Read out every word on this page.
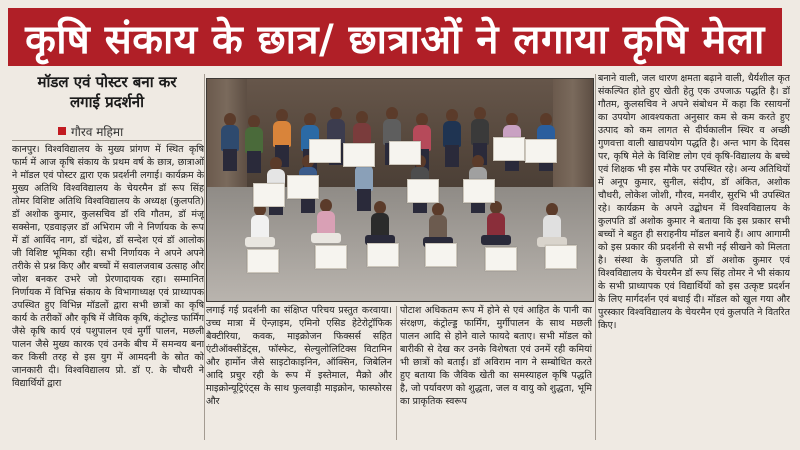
कृषि संकाय के छात्र/ छात्राओं ने लगाया कृषि मेला
मॉडल एवं पोस्टर बना कर
लगाई प्रदर्शनी
गौरव महिमा

कानपुर। विश्वविद्यालय के मुख्य प्रांगण में स्थित कृषि फार्म में आज कृषि संकाय के प्रथम वर्ष के छात्र, छात्राओं ने मॉडल एवं पोस्टर द्वारा एक प्रदर्शनी लगाई। कार्यक्रम के मुख्य अतिथि विश्वविद्यालय के चेयरमैन डॉ रूप सिंह तोमर विशिष्ट अतिथि विश्वविद्यालय के अध्यक्ष (कुलपति) डॉ अशोक कुमार, कुलसचिव डॉ रवि गौतम, डॉ मंजू सक्सेना, एडवाइज़र डॉ अभिराम जी ने निर्णायक के रूप में डॉ आविंद नाग, डॉ चंद्रेश, डॉ सन्देश एवं डॉ आलोक जी विशिष्ट भूमिका रही। सभी निर्णायक ने अपने अपने तरीके से प्रश्न किए और बच्चों में सवालजवाब उत्साह और जोश बनकर उभरे जो प्रेरणादायक रहा। सम्मानित निर्णायक में विभिन्न संकाय के विभागाध्यक्ष एवं प्राध्यापक उपस्थित हुए विभिन्न मॉडलों द्वारा सभी छात्रों का कृषि कार्य के तरीकों और कृषि में जैविक कृषि, कंट्रोल्ड फार्मिंग जैसे कृषि कार्य एवं पशुपालन एवं मुर्गी पालन, मछली पालन जैसे मुख्य कारक एवं उनके बीच में समन्वय बना कर किसी तरह से इस युग में आमदनी के स्रोत को जानकारी दी। विश्वविद्यालय प्रो. डॉ ए. के चौधरी ने विद्यार्थियों द्वारा

लगाई गई प्रदर्शनी का संक्षिप्त परिचय प्रस्तुत करवाया। उच्च मात्रा में ऐन्ज़ाइम, एमिनो एसिड हेटेरोट्रॉफिक बैक्टीरिया, कवक, माइक्रोजन फिक्सर्स सहित एंटीऑक्सीडेंट्स, फॉस्फेट, सेल्युलोलिटिक्स विटामिन और हार्मोन जैसे साइटोकाइनिन, ऑक्सिन, जिबेलिन आदि प्रचुर रही के रूप में इस्तेमाल, मैक्रो और माइक्रोन्यूट्रिएंट्स के साथ फुलवाड़ी माइक्रोन, फास्फोरस और

पोटाश अधिकतम रूप में होने से एवं आहित के पानी का संरक्षण, कंट्रोल्ड्ड फार्मिंग, मुर्गीपालन के साथ मछली पालन आदि से होने वाले फायदे बताए। सभी मॉडल को बारीकी से देख कर उनके विशेषता एवं उनमें रही कमियां भी छात्रों को बताईं। डॉ अविराम नाग ने सम्बोधित करते हुए बताया कि जैविक खेती का समस्याहल कृषि पद्धति है, जो पर्यावरण को शुद्धता, जल व वायु को शुद्धता, भूमि का प्राकृतिक स्वरूप

बनाने वाली, जल धारण क्षमता बढ़ाने वाली, धैर्यशील कृत संकल्पित होते हुए खेती हेतु एक उपजाऊ पद्धति है। डॉ गौतम, कुलसचिव ने अपने संबोधन में कहा कि रसायनों का उपयोग आवश्यकता अनुसार कम से कम करते हुए उत्पाद को कम लागत से दीर्घकालीन स्थिर व अच्छी गुणवत्ता वाली खाद्यपयोग पद्धति है। अन्त भाग के दिवस पर, कृषि मेले के विशिष्ट लोग एवं कृषि-विद्यालय के बच्चे एवं शिक्षक भी इस मौके पर उपस्थित रहे। अन्य अतिथियों में अनूप कुमार, सुनील, संदीप, डॉ अंकित, अशोक चौधरी, लोकेश जोशी, गौरव, मनवीर, सुरभि भी उपस्थित रहे। कार्यक्रम के अपने उद्बोधन में विश्वविद्यालय के कुलपति डॉ अशोक कुमार ने बताया कि इस प्रकार सभी बच्चों ने बहुत ही सराहनीय मॉडल बनाये हैं। आप आगामी को इस प्रकार की प्रदर्शनी से सभी नई सीखने को मिलता है। संस्था के कुलपति प्रो डॉ अशोक कुमार एवं विश्वविद्यालय के चेयरमैन डॉ रूप सिंह तोमर ने भी संकाय के सभी प्राध्यापक एवं विद्यार्थियों को इस उत्कृष्ट प्रदर्शन के लिए मार्गदर्शन एवं बधाई दी। मॉडल को खुल गया और पुरस्कार विश्वविद्यालय के चेयरमैन एवं कुलपति ने वितरित किए।
